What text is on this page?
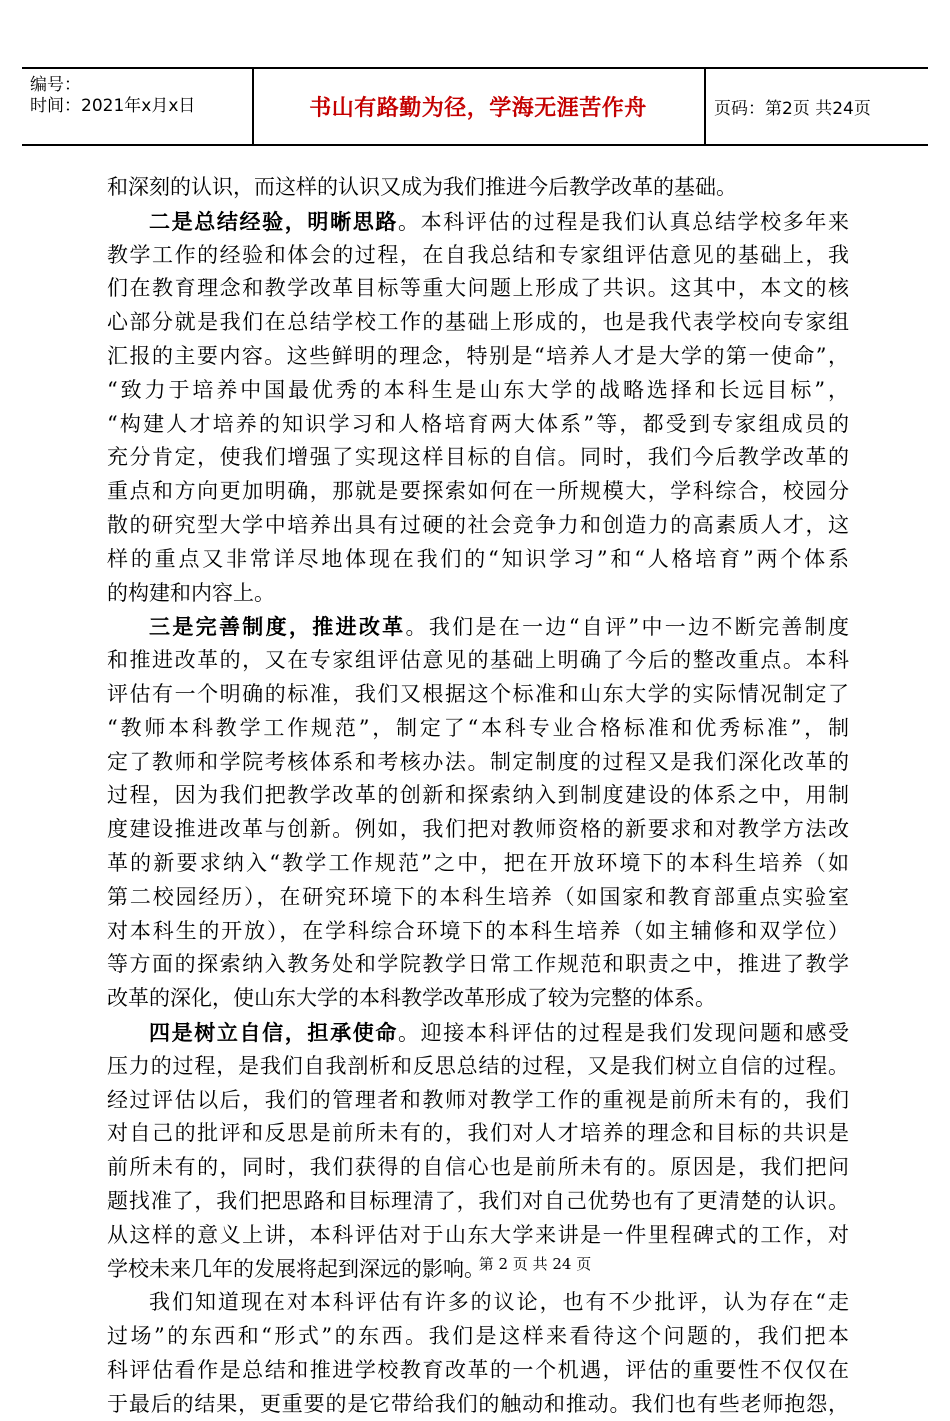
编号：
时间：2021年x月x日	书山有路勤为径，学海无涯苦作舟	页码：第2页 共24页
和深刻的认识，而这样的认识又成为我们推进今后教学改革的基础。
二是总结经验，明晰思路。本科评估的过程是我们认真总结学校多年来
教学工作的经验和体会的过程，在自我总结和专家组评估意见的基础上，我
们在教育理念和教学改革目标等重大问题上形成了共识。这其中，本文的核
心部分就是我们在总结学校工作的基础上形成的，也是我代表学校向专家组
汇报的主要内容。这些鲜明的理念，特别是“培养人才是大学的第一使命”，
“致力于培养中国最优秀的本科生是山东大学的战略选择和长远目标”，
“构建人才培养的知识学习和人格培育两大体系”等，都受到专家组成员的
充分肯定，使我们增强了实现这样目标的自信。同时，我们今后教学改革的
重点和方向更加明确，那就是要探索如何在一所规模大，学科综合，校园分
散的研究型大学中培养出具有过硬的社会竞争力和创造力的高素质人才，这
样的重点又非常详尽地体现在我们的“知识学习”和“人格培育”两个体系
的构建和内容上。
三是完善制度，推进改革。我们是在一边“自评”中一边不断完善制度
和推进改革的，又在专家组评估意见的基础上明确了今后的整改重点。本科
评估有一个明确的标准，我们又根据这个标准和山东大学的实际情况制定了
“教师本科教学工作规范”，制定了“本科专业合格标准和优秀标准”，制
定了教师和学院考核体系和考核办法。制定制度的过程又是我们深化改革的
过程，因为我们把教学改革的创新和探索纳入到制度建设的体系之中，用制
度建设推进改革与创新。例如，我们把对教师资格的新要求和对教学方法改
革的新要求纳入“教学工作规范”之中，把在开放环境下的本科生培养（如
第二校园经历），在研究环境下的本科生培养（如国家和教育部重点实验室
对本科生的开放），在学科综合环境下的本科生培养（如主辅修和双学位）
等方面的探索纳入教务处和学院教学日常工作规范和职责之中，推进了教学
改革的深化，使山东大学的本科教学改革形成了较为完整的体系。
四是树立自信，担承使命。迎接本科评估的过程是我们发现问题和感受
压力的过程，是我们自我剖析和反思总结的过程，又是我们树立自信的过程。
经过评估以后，我们的管理者和教师对教学工作的重视是前所未有的，我们
对自己的批评和反思是前所未有的，我们对人才培养的理念和目标的共识是
前所未有的，同时，我们获得的自信心也是前所未有的。原因是，我们把问
题找准了，我们把思路和目标理清了，我们对自己优势也有了更清楚的认识。
从这样的意义上讲，本科评估对于山东大学来讲是一件里程碑式的工作，对
学校未来几年的发展将起到深远的影响。
我们知道现在对本科评估有许多的议论，也有不少批评，认为存在“走
过场”的东西和“形式”的东西。我们是这样来看待这个问题的，我们把本
科评估看作是总结和推进学校教育改革的一个机遇，评估的重要性不仅仅在
于最后的结果，更重要的是它带给我们的触动和推动。我们也有些老师抱怨，
第 2 页 共 24 页
